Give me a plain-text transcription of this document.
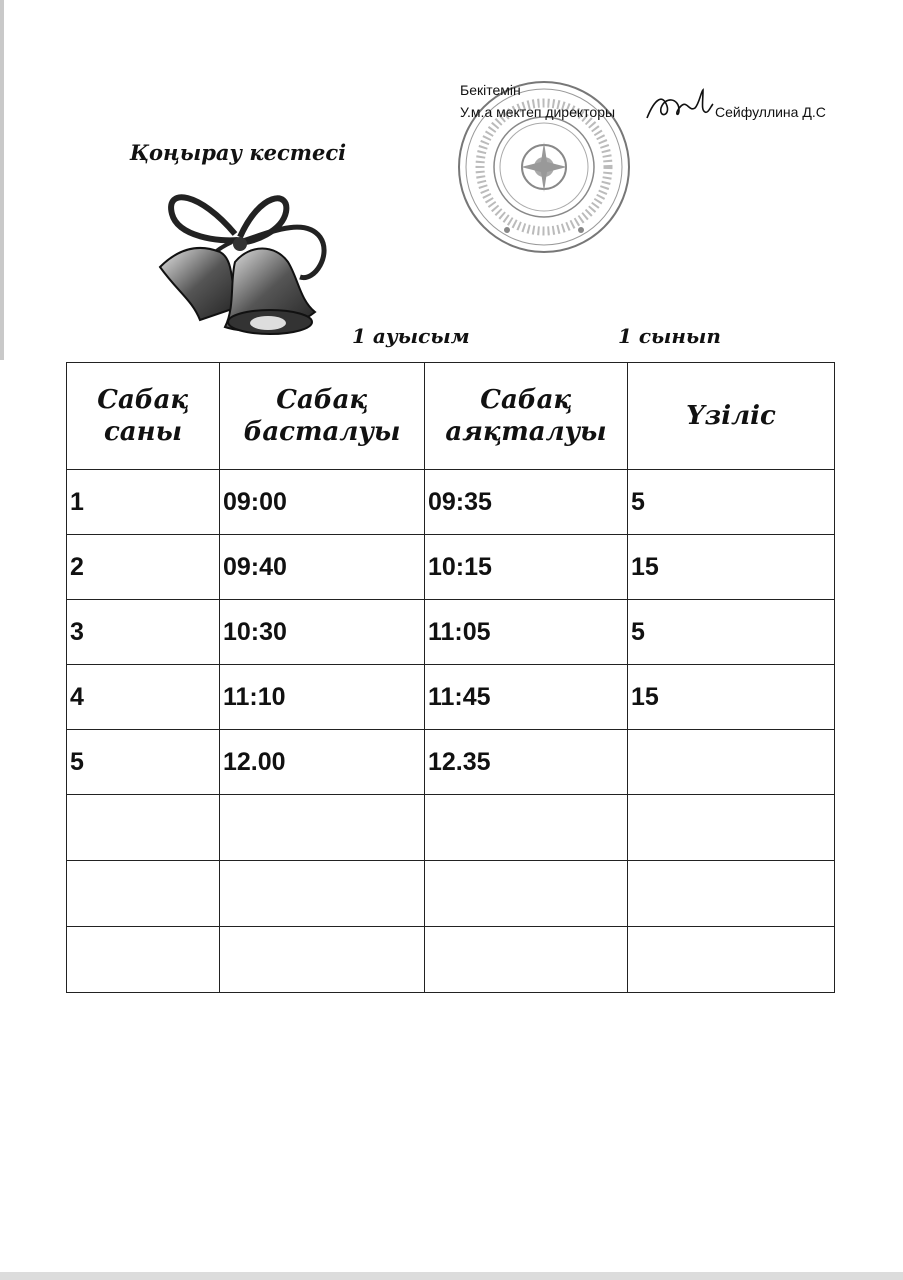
Бекітемін
У.м.а мектеп директоры	Сейфуллина Д.С
Қоңырау кестесі
1 ауысым	1 сынып
Сабақ саны	Сабақ басталуы	Сабақ аяқталуы	Үзіліс
1	09:00	09:35	5
2	09:40	10:15	15
3	10:30	11:05	5
4	11:10	11:45	15
5	12.00	12.35	
